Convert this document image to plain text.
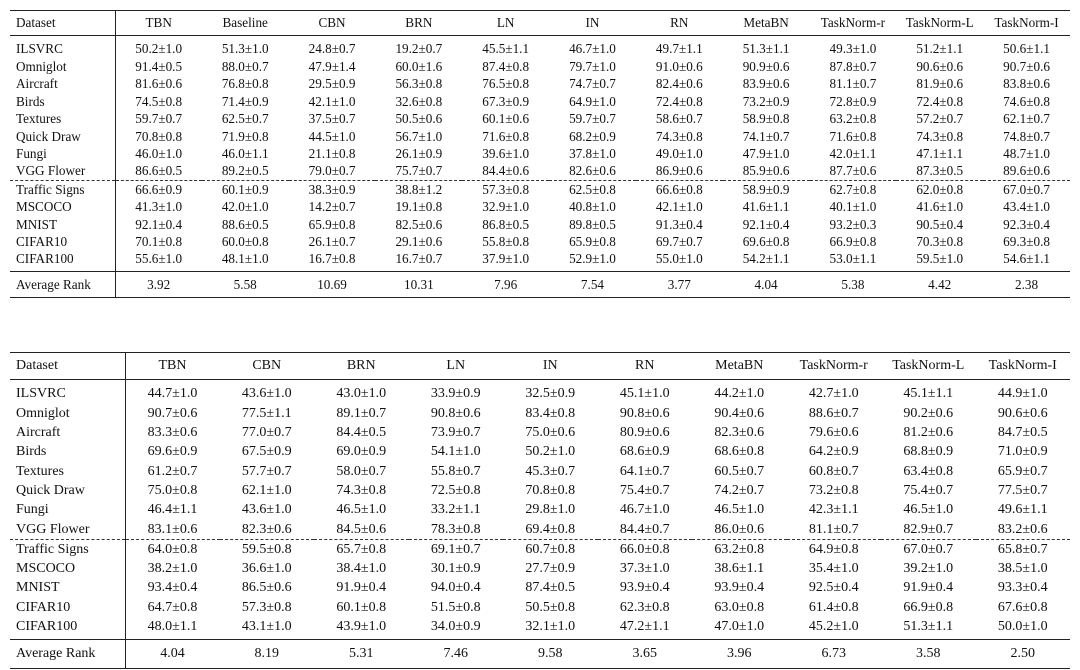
Dataset	TBN	Baseline	CBN	BRN	LN	IN	RN	MetaBN	TaskNorm-r	TaskNorm-L	TaskNorm-I
ILSVRC	50.2±1.0	51.3±1.0	24.8±0.7	19.2±0.7	45.5±1.1	46.7±1.0	49.7±1.1	51.3±1.1	49.3±1.0	51.2±1.1	50.6±1.1
Omniglot	91.4±0.5	88.0±0.7	47.9±1.4	60.0±1.6	87.4±0.8	79.7±1.0	91.0±0.6	90.9±0.6	87.8±0.7	90.6±0.6	90.7±0.6
Aircraft	81.6±0.6	76.8±0.8	29.5±0.9	56.3±0.8	76.5±0.8	74.7±0.7	82.4±0.6	83.9±0.6	81.1±0.7	81.9±0.6	83.8±0.6
Birds	74.5±0.8	71.4±0.9	42.1±1.0	32.6±0.8	67.3±0.9	64.9±1.0	72.4±0.8	73.2±0.9	72.8±0.9	72.4±0.8	74.6±0.8
Textures	59.7±0.7	62.5±0.7	37.5±0.7	50.5±0.6	60.1±0.6	59.7±0.7	58.6±0.7	58.9±0.8	63.2±0.8	57.2±0.7	62.1±0.7
Quick Draw	70.8±0.8	71.9±0.8	44.5±1.0	56.7±1.0	71.6±0.8	68.2±0.9	74.3±0.8	74.1±0.7	71.6±0.8	74.3±0.8	74.8±0.7
Fungi	46.0±1.0	46.0±1.1	21.1±0.8	26.1±0.9	39.6±1.0	37.8±1.0	49.0±1.0	47.9±1.0	42.0±1.1	47.1±1.1	48.7±1.0
VGG Flower	86.6±0.5	89.2±0.5	79.0±0.7	75.7±0.7	84.4±0.6	82.6±0.6	86.9±0.6	85.9±0.6	87.7±0.6	87.3±0.5	89.6±0.6
Traffic Signs	66.6±0.9	60.1±0.9	38.3±0.9	38.8±1.2	57.3±0.8	62.5±0.8	66.6±0.8	58.9±0.9	62.7±0.8	62.0±0.8	67.0±0.7
MSCOCO	41.3±1.0	42.0±1.0	14.2±0.7	19.1±0.8	32.9±1.0	40.8±1.0	42.1±1.0	41.6±1.1	40.1±1.0	41.6±1.0	43.4±1.0
MNIST	92.1±0.4	88.6±0.5	65.9±0.8	82.5±0.6	86.8±0.5	89.8±0.5	91.3±0.4	92.1±0.4	93.2±0.3	90.5±0.4	92.3±0.4
CIFAR10	70.1±0.8	60.0±0.8	26.1±0.7	29.1±0.6	55.8±0.8	65.9±0.8	69.7±0.7	69.6±0.8	66.9±0.8	70.3±0.8	69.3±0.8
CIFAR100	55.6±1.0	48.1±1.0	16.7±0.8	16.7±0.7	37.9±1.0	52.9±1.0	55.0±1.0	54.2±1.1	53.0±1.1	59.5±1.0	54.6±1.1
Average Rank	3.92	5.58	10.69	10.31	7.96	7.54	3.77	4.04	5.38	4.42	2.38
Dataset	TBN	CBN	BRN	LN	IN	RN	MetaBN	TaskNorm-r	TaskNorm-L	TaskNorm-I
ILSVRC	44.7±1.0	43.6±1.0	43.0±1.0	33.9±0.9	32.5±0.9	45.1±1.0	44.2±1.0	42.7±1.0	45.1±1.1	44.9±1.0
Omniglot	90.7±0.6	77.5±1.1	89.1±0.7	90.8±0.6	83.4±0.8	90.8±0.6	90.4±0.6	88.6±0.7	90.2±0.6	90.6±0.6
Aircraft	83.3±0.6	77.0±0.7	84.4±0.5	73.9±0.7	75.0±0.6	80.9±0.6	82.3±0.6	79.6±0.6	81.2±0.6	84.7±0.5
Birds	69.6±0.9	67.5±0.9	69.0±0.9	54.1±1.0	50.2±1.0	68.6±0.9	68.6±0.8	64.2±0.9	68.8±0.9	71.0±0.9
Textures	61.2±0.7	57.7±0.7	58.0±0.7	55.8±0.7	45.3±0.7	64.1±0.7	60.5±0.7	60.8±0.7	63.4±0.8	65.9±0.7
Quick Draw	75.0±0.8	62.1±1.0	74.3±0.8	72.5±0.8	70.8±0.8	75.4±0.7	74.2±0.7	73.2±0.8	75.4±0.7	77.5±0.7
Fungi	46.4±1.1	43.6±1.0	46.5±1.0	33.2±1.1	29.8±1.0	46.7±1.0	46.5±1.0	42.3±1.1	46.5±1.0	49.6±1.1
VGG Flower	83.1±0.6	82.3±0.6	84.5±0.6	78.3±0.8	69.4±0.8	84.4±0.7	86.0±0.6	81.1±0.7	82.9±0.7	83.2±0.6
Traffic Signs	64.0±0.8	59.5±0.8	65.7±0.8	69.1±0.7	60.7±0.8	66.0±0.8	63.2±0.8	64.9±0.8	67.0±0.7	65.8±0.7
MSCOCO	38.2±1.0	36.6±1.0	38.4±1.0	30.1±0.9	27.7±0.9	37.3±1.0	38.6±1.1	35.4±1.0	39.2±1.0	38.5±1.0
MNIST	93.4±0.4	86.5±0.6	91.9±0.4	94.0±0.4	87.4±0.5	93.9±0.4	93.9±0.4	92.5±0.4	91.9±0.4	93.3±0.4
CIFAR10	64.7±0.8	57.3±0.8	60.1±0.8	51.5±0.8	50.5±0.8	62.3±0.8	63.0±0.8	61.4±0.8	66.9±0.8	67.6±0.8
CIFAR100	48.0±1.1	43.1±1.0	43.9±1.0	34.0±0.9	32.1±1.0	47.2±1.1	47.0±1.0	45.2±1.0	51.3±1.1	50.0±1.0
Average Rank	4.04	8.19	5.31	7.46	9.58	3.65	3.96	6.73	3.58	2.50
